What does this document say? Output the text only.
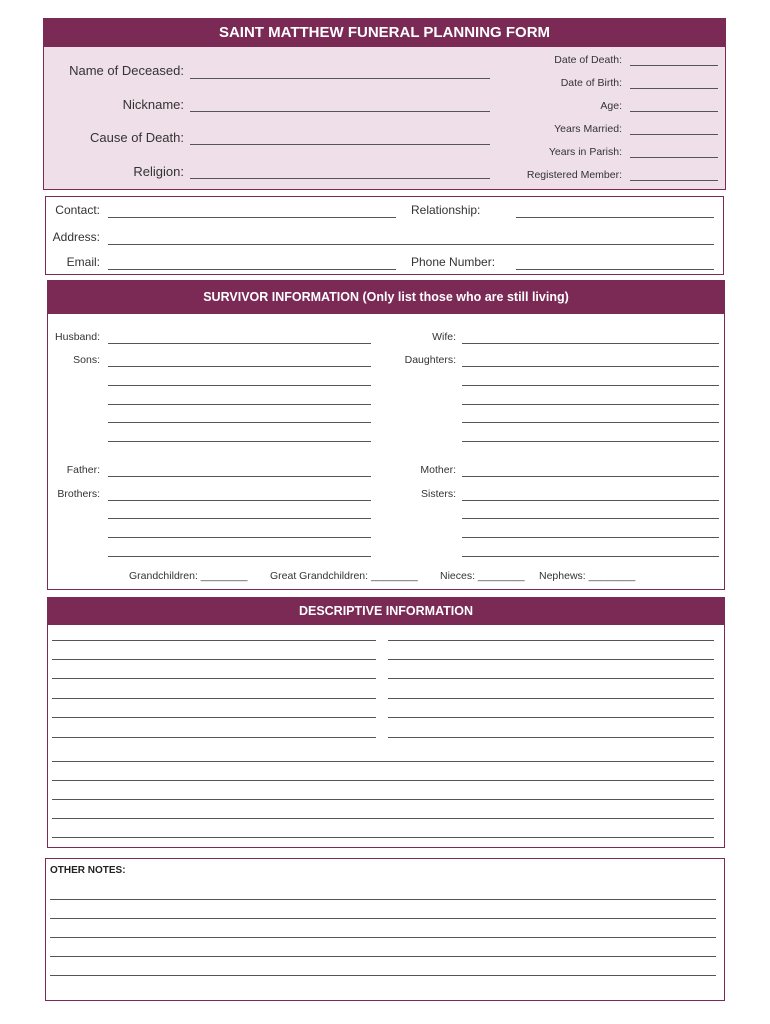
SAINT MATTHEW FUNERAL PLANNING FORM
Name of Deceased:
Nickname:
Cause of Death:
Religion:
Date of Death:
Date of Birth:
Age:
Years Married:
Years in Parish:
Registered Member:
Contact:	Relationship:
Address:
Email:	Phone Number:
SURVIVOR INFORMATION (Only list those who are still living)
Husband:	Wife:
Sons:	Daughters:
Father:	Mother:
Brothers:	Sisters:
Grandchildren: ________ Great Grandchildren: ________ Nieces: ________ Nephews: ________
DESCRIPTIVE INFORMATION
OTHER NOTES:
